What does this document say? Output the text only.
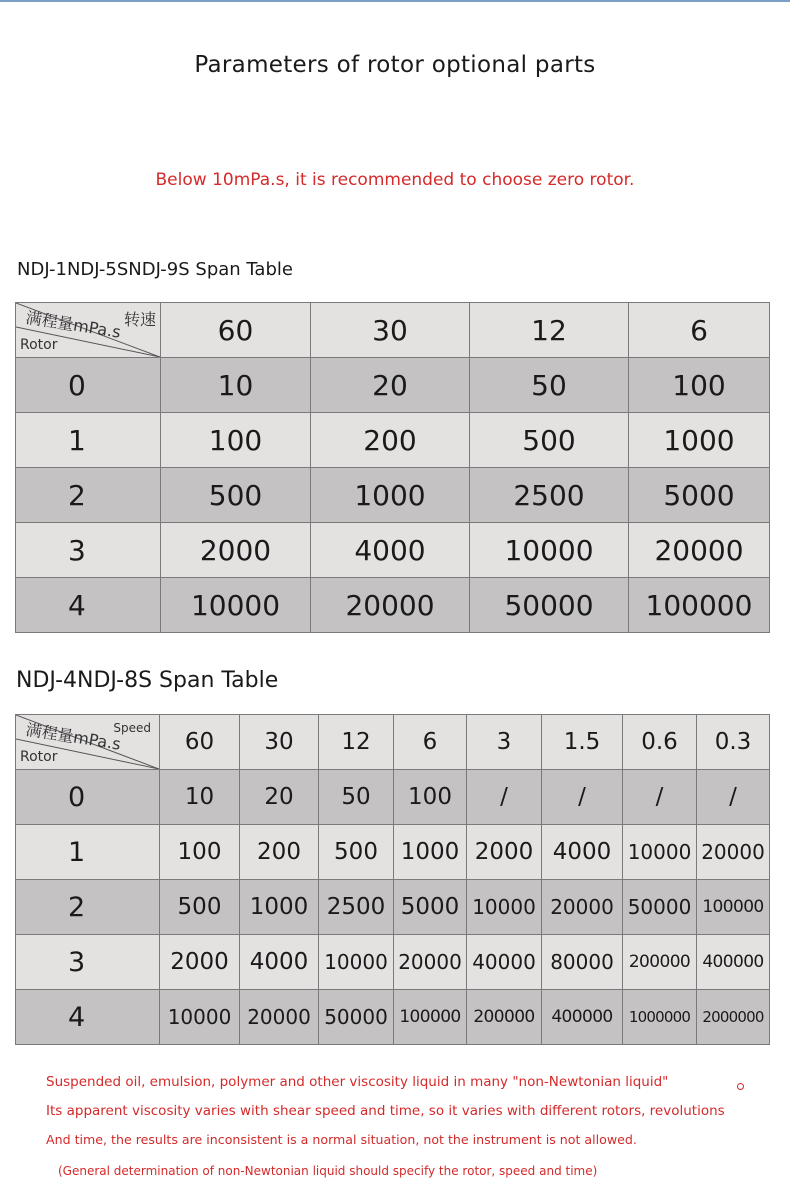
Parameters of rotor optional parts
Below 10mPa.s, it is recommended to choose zero rotor.
NDJ-1NDJ-5SNDJ-9S Span Table
满程量mPa.s 转速
Rotor	60	30	12	6
0	10	20	50	100
1	100	200	500	1000
2	500	1000	2500	5000
3	2000	4000	10000	20000
4	10000	20000	50000	100000
NDJ-4NDJ-8S Span Table
满程量mPa.s
Speed
Rotor	60	30	12	6	3	1.5	0.6	0.3
0	10	20	50	100	/	/	/	/
1	100	200	500	1000	2000	4000	10000	20000
2	500	1000	2500	5000	10000	20000	50000	100000
3	2000	4000	10000	20000	40000	80000	200000	400000
4	10000	20000	50000	100000	200000	400000	1000000	2000000
Suspended oil, emulsion, polymer and other viscosity liquid in many "non-Newtonian liquid"
Its apparent viscosity varies with shear speed and time, so it varies with different rotors, revolutions
And time, the results are inconsistent is a normal situation, not the instrument is not allowed.
(General determination of non-Newtonian liquid should specify the rotor, speed and time)
